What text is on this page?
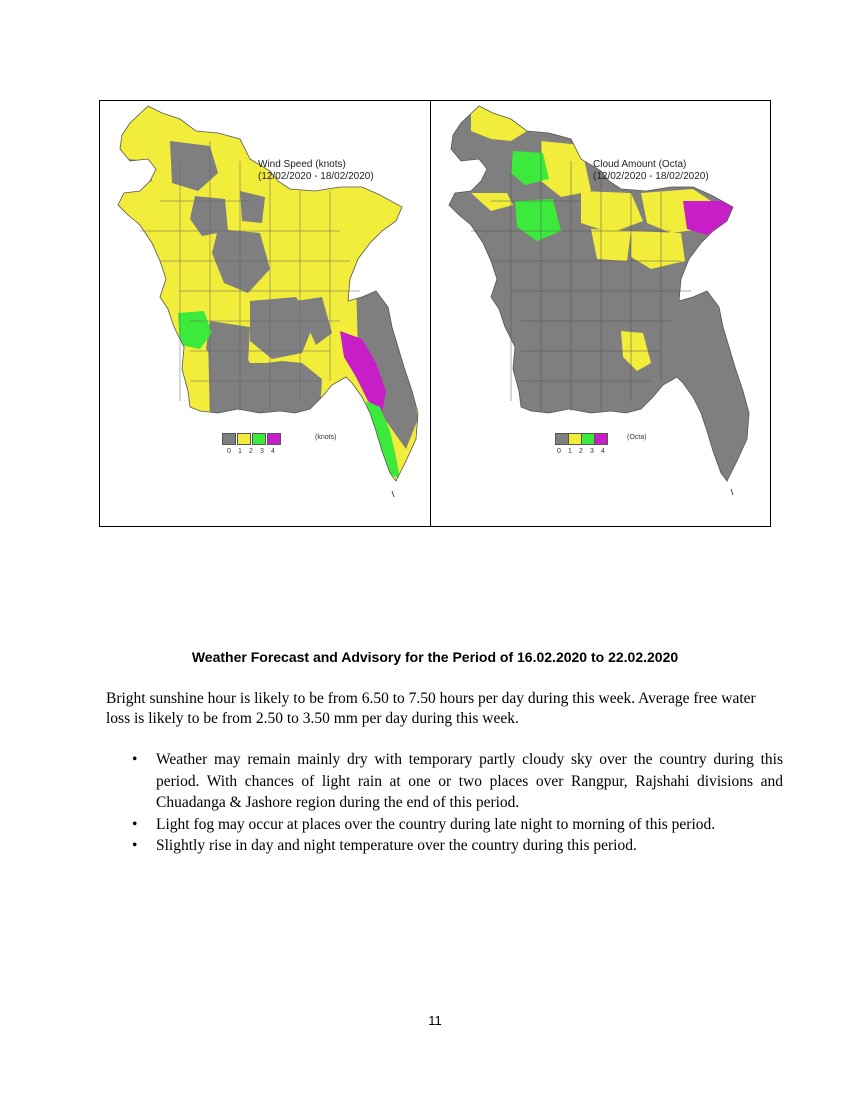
Wind Speed (knots)
(12/02/2020 - 18/02/2020)
0	1	2	3	4
(knots)
Cloud Amount (Octa)
(12/02/2020 - 18/02/2020)
0	1	2	3	4
(Octa)
Weather Forecast and Advisory for the Period of 16.02.2020 to 22.02.2020
Bright sunshine hour is likely to be from 6.50 to 7.50 hours per day during this week. Average free water loss is likely to be from 2.50 to 3.50 mm per day during this week.
• Weather may remain mainly dry with temporary partly cloudy sky over the country during this period. With chances of light rain at one or two places over Rangpur, Rajshahi divisions and Chuadanga & Jashore region during the end of this period.
• Light fog may occur at places over the country during late night to morning of this period.
• Slightly rise in day and night temperature over the country during this period.
11
